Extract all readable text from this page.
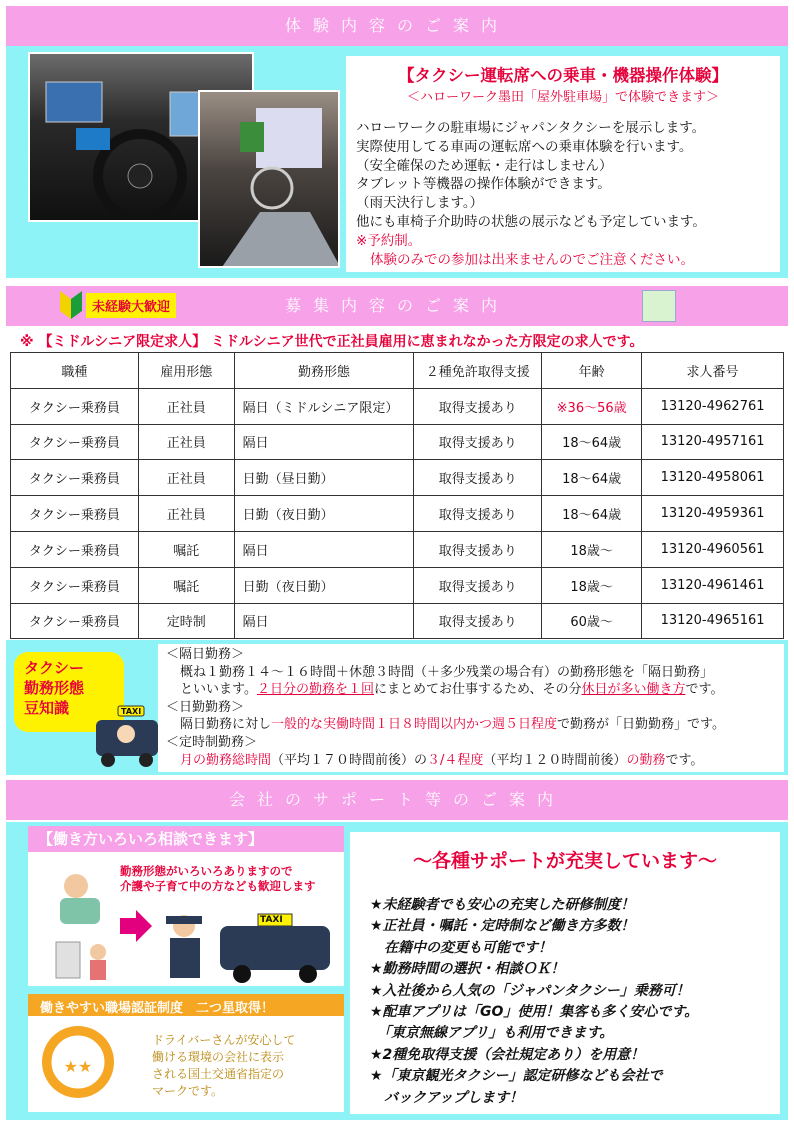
体験内容のご案内
【タクシー運転席への乗車・機器操作体験】
＜ハローワーク墨田「屋外駐車場」で体験できます＞

ハローワークの駐車場にジャパンタクシーを展示します。

実際使用してる車両の運転席への乗車体験を行います。

（安全確保のため運転・走行はしません）

タブレット等機器の操作体験ができます。

（雨天決行します。）

他にも車椅子介助時の状態の展示なども予定しています。

※予約制。

体験のみでの参加は出来ませんのでご注意ください。

募集内容のご案内
未経験大歓迎
※ 【ミドルシニア限定求人】 ミドルシニア世代で正社員雇用に恵まれなかった方限定の求人です。
職種	雇用形態	勤務形態	２種免許取得支援	年齢	求人番号
タクシー乗務員	正社員	隔日（ミドルシニア限定）	取得支援あり	※36〜56歳	13120-4962761
タクシー乗務員	正社員	隔日	取得支援あり	18〜64歳	13120-4957161
タクシー乗務員	正社員	日勤（昼日勤）	取得支援あり	18〜64歳	13120-4958061
タクシー乗務員	正社員	日勤（夜日勤）	取得支援あり	18〜64歳	13120-4959361
タクシー乗務員	嘱託	隔日	取得支援あり	18歳〜	13120-4960561
タクシー乗務員	嘱託	日勤（夜日勤）	取得支援あり	18歳〜	13120-4961461
タクシー乗務員	定時制	隔日	取得支援あり	60歳〜	13120-4965161
タクシー
勤務形態
豆知識	TAXI
＜隔日勤務＞
概ね１勤務１４〜１６時間＋休憩３時間（＋多少残業の場合有）の勤務形態を「隔日勤務」
といいます。２日分の勤務を１回にまとめてお仕事するため、その分休日が多い働き方です。
＜日勤勤務＞
隔日勤務に対し一般的な実働時間１日８時間以内かつ週５日程度で勤務が「日勤勤務」です。
＜定時制勤務＞
月の勤務総時間（平均１７０時間前後）の３/４程度（平均１２０時間前後）の勤務です。
会社のサポート等のご案内
【働き方いろいろ相談できます】
勤務形態がいろいろありますので
介護や子育て中の方なども歓迎します
TAXI
働きやすい職場認証制度　二つ星取得！
★★
ドライバーさんが安心して
働ける環境の会社に表示
される国土交通省指定の
マークです。
〜各種サポートが充実しています〜
★未経験者でも安心の充実した研修制度！
★正社員・嘱託・定時制など働き方多数！
　在籍中の変更も可能です！
★勤務時間の選択・相談ＯＫ！
★入社後から人気の「ジャパンタクシー」乗務可！
★配車アプリは「GO」使用！集客も多く安心です。
　「東京無線アプリ」も利用できます。
★2種免取得支援（会社規定あり）を用意！
★「東京観光タクシー」認定研修なども会社で
　バックアップします！
